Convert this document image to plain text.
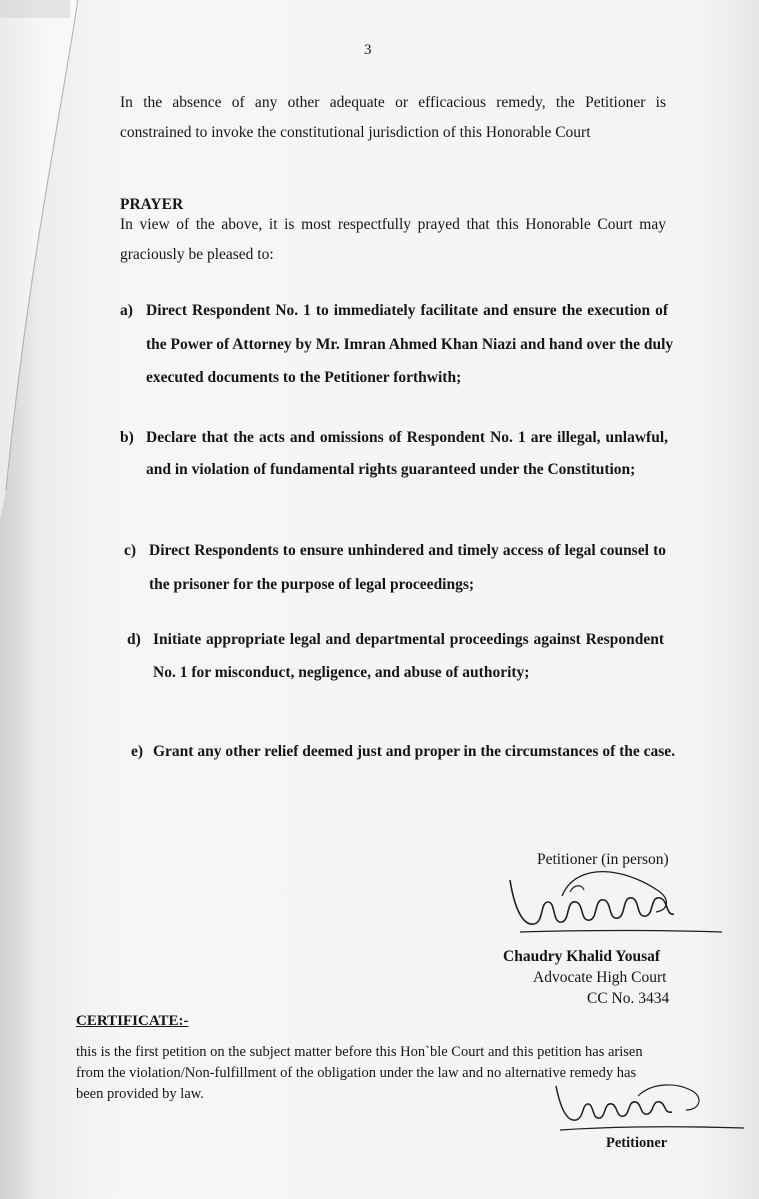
3
In the absence of any other adequate or efficacious remedy, the Petitioner is
constrained to invoke the constitutional jurisdiction of this Honorable Court
PRAYER
In view of the above, it is most respectfully prayed that this Honorable Court may
graciously be pleased to:
a) Direct Respondent No. 1 to immediately facilitate and ensure the execution of
the Power of Attorney by Mr. Imran Ahmed Khan Niazi and hand over the duly
executed documents to the Petitioner forthwith;
b) Declare that the acts and omissions of Respondent No. 1 are illegal, unlawful,
and in violation of fundamental rights guaranteed under the Constitution;
c) Direct Respondents to ensure unhindered and timely access of legal counsel to
the prisoner for the purpose of legal proceedings;
d) Initiate appropriate legal and departmental proceedings against Respondent
No. 1 for misconduct, negligence, and abuse of authority;
e) Grant any other relief deemed just and proper in the circumstances of the case.
Petitioner (in person)
Chaudry Khalid Yousaf
Advocate High Court
CC No. 3434
CERTIFICATE:-
this is the first petition on the subject matter before this Hon`ble Court and this petition has arisen
from the violation/Non-fulfillment of the obligation under the law and no alternative remedy has
been provided by law.
Petitioner
